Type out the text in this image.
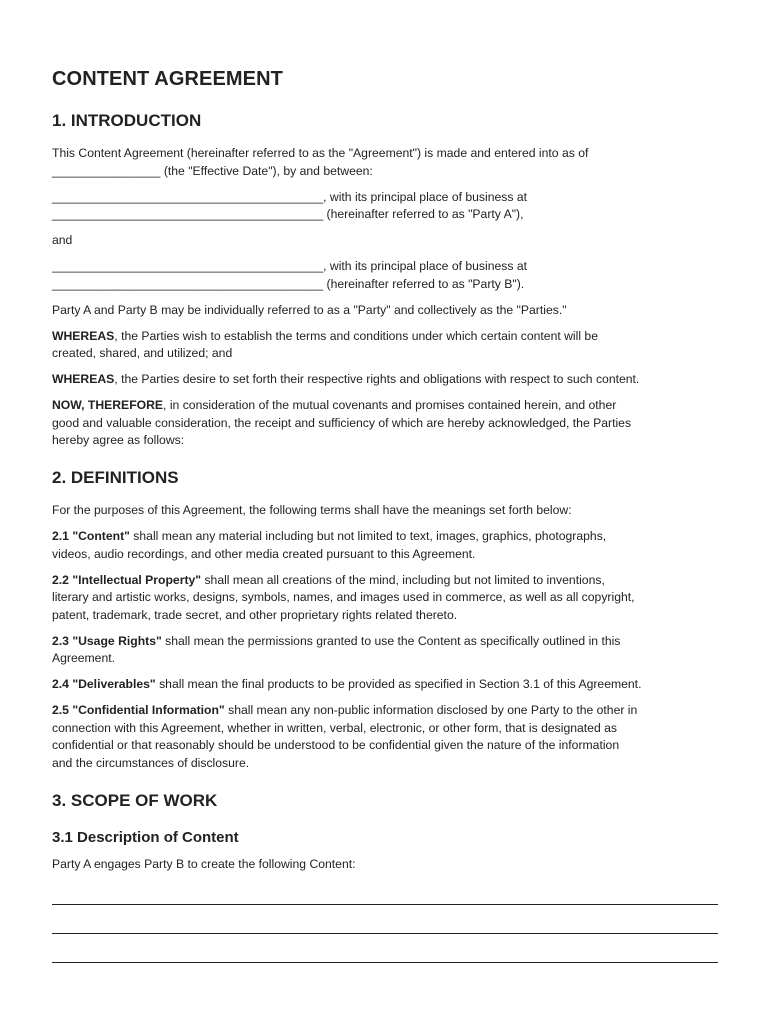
CONTENT AGREEMENT
1. INTRODUCTION
This Content Agreement (hereinafter referred to as the "Agreement") is made and entered into as of
________________ (the "Effective Date"), by and between:
________________________________________, with its principal place of business at
________________________________________ (hereinafter referred to as "Party A"),
and
________________________________________, with its principal place of business at
________________________________________ (hereinafter referred to as "Party B").
Party A and Party B may be individually referred to as a "Party" and collectively as the "Parties."
WHEREAS, the Parties wish to establish the terms and conditions under which certain content will be
created, shared, and utilized; and
WHEREAS, the Parties desire to set forth their respective rights and obligations with respect to such content.
NOW, THEREFORE, in consideration of the mutual covenants and promises contained herein, and other
good and valuable consideration, the receipt and sufficiency of which are hereby acknowledged, the Parties
hereby agree as follows:
2. DEFINITIONS
For the purposes of this Agreement, the following terms shall have the meanings set forth below:
2.1 "Content" shall mean any material including but not limited to text, images, graphics, photographs,
videos, audio recordings, and other media created pursuant to this Agreement.
2.2 "Intellectual Property" shall mean all creations of the mind, including but not limited to inventions,
literary and artistic works, designs, symbols, names, and images used in commerce, as well as all copyright,
patent, trademark, trade secret, and other proprietary rights related thereto.
2.3 "Usage Rights" shall mean the permissions granted to use the Content as specifically outlined in this
Agreement.
2.4 "Deliverables" shall mean the final products to be provided as specified in Section 3.1 of this Agreement.
2.5 "Confidential Information" shall mean any non-public information disclosed by one Party to the other in
connection with this Agreement, whether in written, verbal, electronic, or other form, that is designated as
confidential or that reasonably should be understood to be confidential given the nature of the information
and the circumstances of disclosure.
3. SCOPE OF WORK
3.1 Description of Content
Party A engages Party B to create the following Content:
